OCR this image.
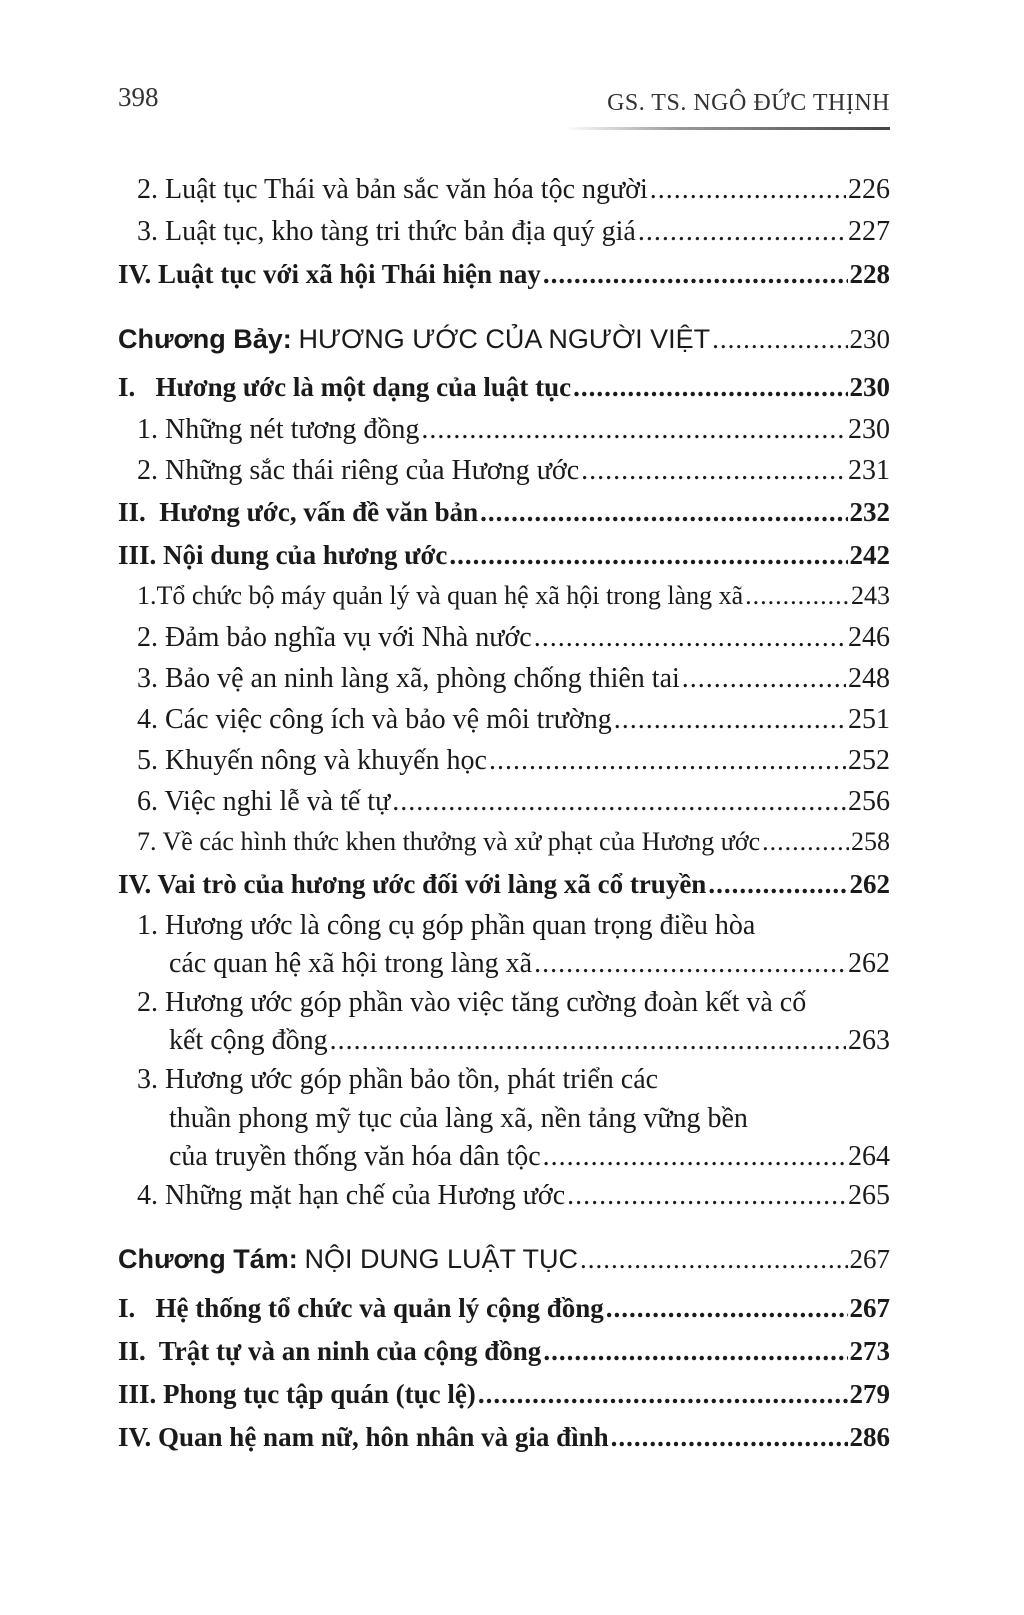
398	GS. TS. NGÔ ĐỨC THỊNH
2. Luật tục Thái và bản sắc văn hóa tộc người .....	226
3. Luật tục, kho tàng tri thức bản địa quý giá .....	227
IV. Luật tục với xã hội Thái hiện nay .....	228
Chương Bảy: HƯƠNG ƯỚC CỦA NGƯỜI VIỆT .....	230
I.   Hương ước là một dạng của luật tục .....	230
1. Những nét tương đồng .....	230
2. Những sắc thái riêng của Hương ước .....	231
II.  Hương ước, vấn đề văn bản .....	232
III. Nội dung của hương ước .....	242
1.Tổ chức bộ máy quản lý và quan hệ xã hội trong làng xã .....	243
2. Đảm bảo nghĩa vụ với Nhà nước .....	246
3. Bảo vệ an ninh làng xã, phòng chống thiên tai .....	248
4. Các việc công ích và bảo vệ môi trường .....	251
5. Khuyến nông và khuyến học .....	252
6. Việc nghi lễ và tế tự .....	256
7. Về các hình thức khen thưởng và xử phạt của Hương ước .....	258
IV. Vai trò của hương ước đối với làng xã cổ truyền .....	262
1. Hương ước là công cụ góp phần quan trọng điều hòa
các quan hệ xã hội trong làng xã .....	262
2. Hương ước góp phần vào việc tăng cường đoàn kết và cố
kết cộng đồng .....	263
3. Hương ước góp phần bảo tồn, phát triển các
thuần phong mỹ tục của làng xã, nền tảng vững bền
của truyền thống văn hóa dân tộc .....	264
4. Những mặt hạn chế của Hương ước .....	265
Chương Tám: NỘI DUNG LUẬT TỤC .....	267
I.   Hệ thống tổ chức và quản lý cộng đồng .....	267
II.  Trật tự và an ninh của cộng đồng .....	273
III. Phong tục tập quán (tục lệ) .....	279
IV. Quan hệ nam nữ, hôn nhân và gia đình .....	286
